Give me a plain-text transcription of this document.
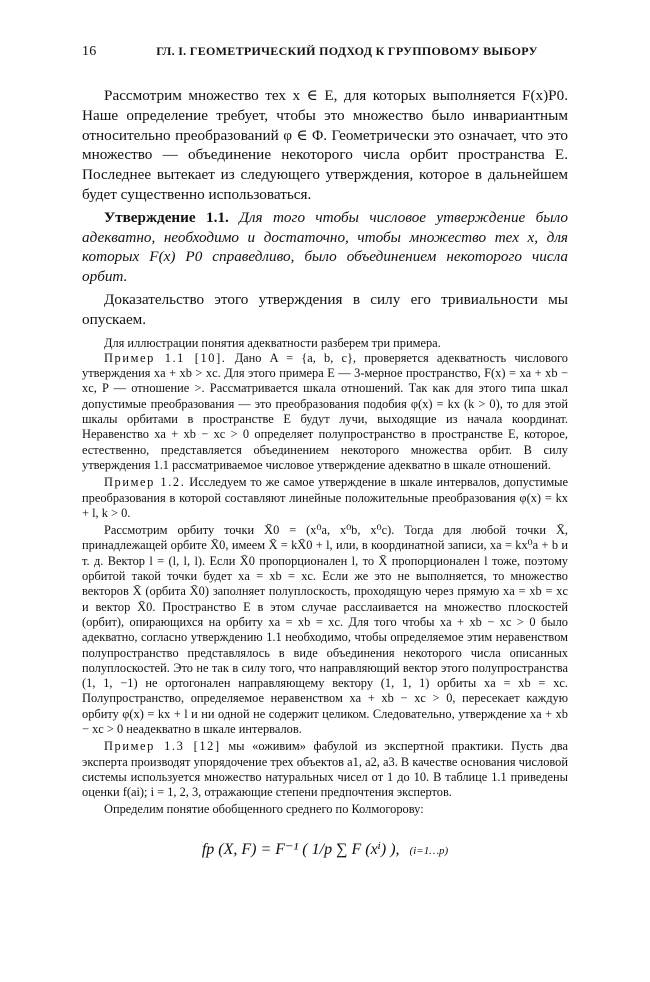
16	ГЛ. I. ГЕОМЕТРИЧЕСКИЙ ПОДХОД К ГРУППОВОМУ ВЫБОРУ

Рассмотрим множество тех x ∈ E, для которых выполняется F(x)P0. Наше определение требует, чтобы это множество было инвариантным относительно преобразований φ ∈ Φ. Геометрически это означает, что это множество — объединение некоторого числа орбит пространства E. Последнее вытекает из следующего утверждения, которое в дальнейшем будет существенно использоваться.

Утверждение 1.1. Для того чтобы числовое утверждение было адекватно, необходимо и достаточно, чтобы множество тех x, для которых F(x) P0 справедливо, было объединением некоторого числа орбит.

Доказательство этого утверждения в силу его тривиальности мы опускаем.

Для иллюстрации понятия адекватности разберем три примера.

Пример 1.1 [10]. Дано A = {a, b, c}, проверяется адекватность числового утверждения xa + xb > xc. Для этого примера E — 3-мерное пространство, F(x) = xa + xb − xc, P — отношение >. Рассматривается шкала отношений. Так как для этого типа шкал допустимые преобразования — это преобразования подобия φ(x) = kx (k > 0), то для этой шкалы орбитами в пространстве E будут лучи, выходящие из начала координат. Неравенство xa + xb − xc > 0 определяет полупространство в пространстве E, которое, естественно, представляется объединением некоторого множества орбит. В силу утверждения 1.1 рассматриваемое числовое утверждение адекватно в шкале отношений.

Пример 1.2. Исследуем то же самое утверждение в шкале интервалов, допустимые преобразования в которой составляют линейные положительные преобразования φ(x) = kx + l, k > 0.

Рассмотрим орбиту точки X̄0 = (x⁰a, x⁰b, x⁰c). Тогда для любой точки X̄, принадлежащей орбите X̄0, имеем X̄ = kX̄0 + l, или, в координатной записи, xa = kx⁰a + b и т. д. Вектор l = (l, l, l). Если X̄0 пропорционален l, то X̄ пропорционален l тоже, поэтому орбитой такой точки будет xa = xb = xc. Если же это не выполняется, то множество векторов X̄ (орбита X̄0) заполняет полуплоскость, проходящую через прямую xa = xb = xc и вектор X̄0. Пространство E в этом случае расслаивается на множество плоскостей (орбит), опирающихся на орбиту xa = xb = xc. Для того чтобы xa + xb − xc > 0 было адекватно, согласно утверждению 1.1 необходимо, чтобы определяемое этим неравенством полупространство представлялось в виде объединения некоторого числа описанных полуплоскостей. Это не так в силу того, что направляющий вектор этого полупространства (1, 1, −1) не ортогонален направляющему вектору (1, 1, 1) орбиты xa = xb = xc. Полупространство, определяемое неравенством xa + xb − xc > 0, пересекает каждую орбиту φ(x) = kx + l и ни одной не содержит целиком. Следовательно, утверждение xa + xb − xc > 0 неадекватно в шкале интервалов.

Пример 1.3 [12] мы «оживим» фабулой из экспертной практики. Пусть два эксперта производят упорядочение трех объектов a1, a2, a3. В качестве основания числовой системы используется множество натуральных чисел от 1 до 10. В таблице 1.1 приведены оценки f(ai); i = 1, 2, 3, отражающие степени предпочтения экспертов.

Определим понятие обобщенного среднего по Колмогорову:

fp (X, F) = F⁻¹ ( 1/p ∑ F (xⁱ) ), (i=1…p)
